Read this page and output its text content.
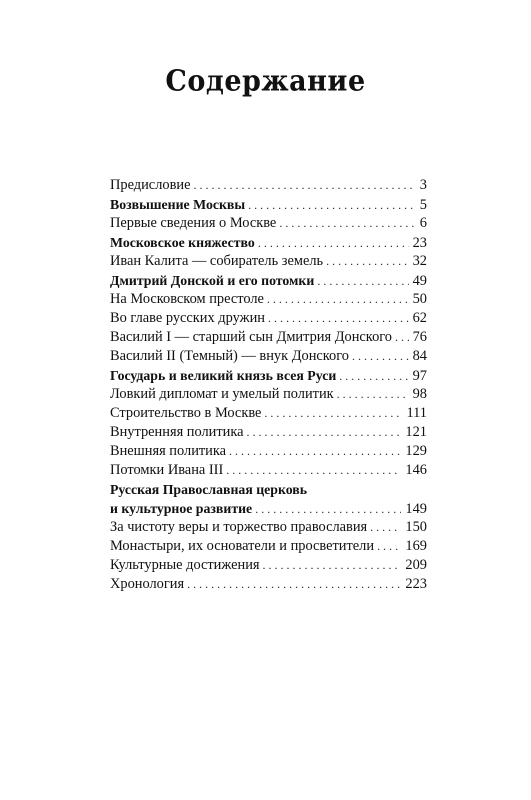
Содержание
Предисловие . . .	3
Возвышение Москвы . . .	5
Первые сведения о Москве . . .	6
Московское княжество . . .	23
Иван Калита — собиратель земель . . .	32
Дмитрий Донской и его потомки . . .	49
На Московском престоле . . .	50
Во главе русских дружин . . .	62
Василий I — старший сын Дмитрия Донского . . . 76
Василий II (Темный) — внук Донского . . .	84
Государь и великий князь всея Руси . . .	97
Ловкий дипломат и умелый политик . . .	98
Строительство в Москве . . .	111
Внутренняя политика . . .	121
Внешняя политика . . .	129
Потомки Ивана III . . .	146
Русская Православная церковь
и культурное развитие . . .	149
За чистоту веры и торжество православия . . .	150
Монастыри, их основатели и просветители . . . 169
Культурные достижения . . .	209
Хронология . . .	223
